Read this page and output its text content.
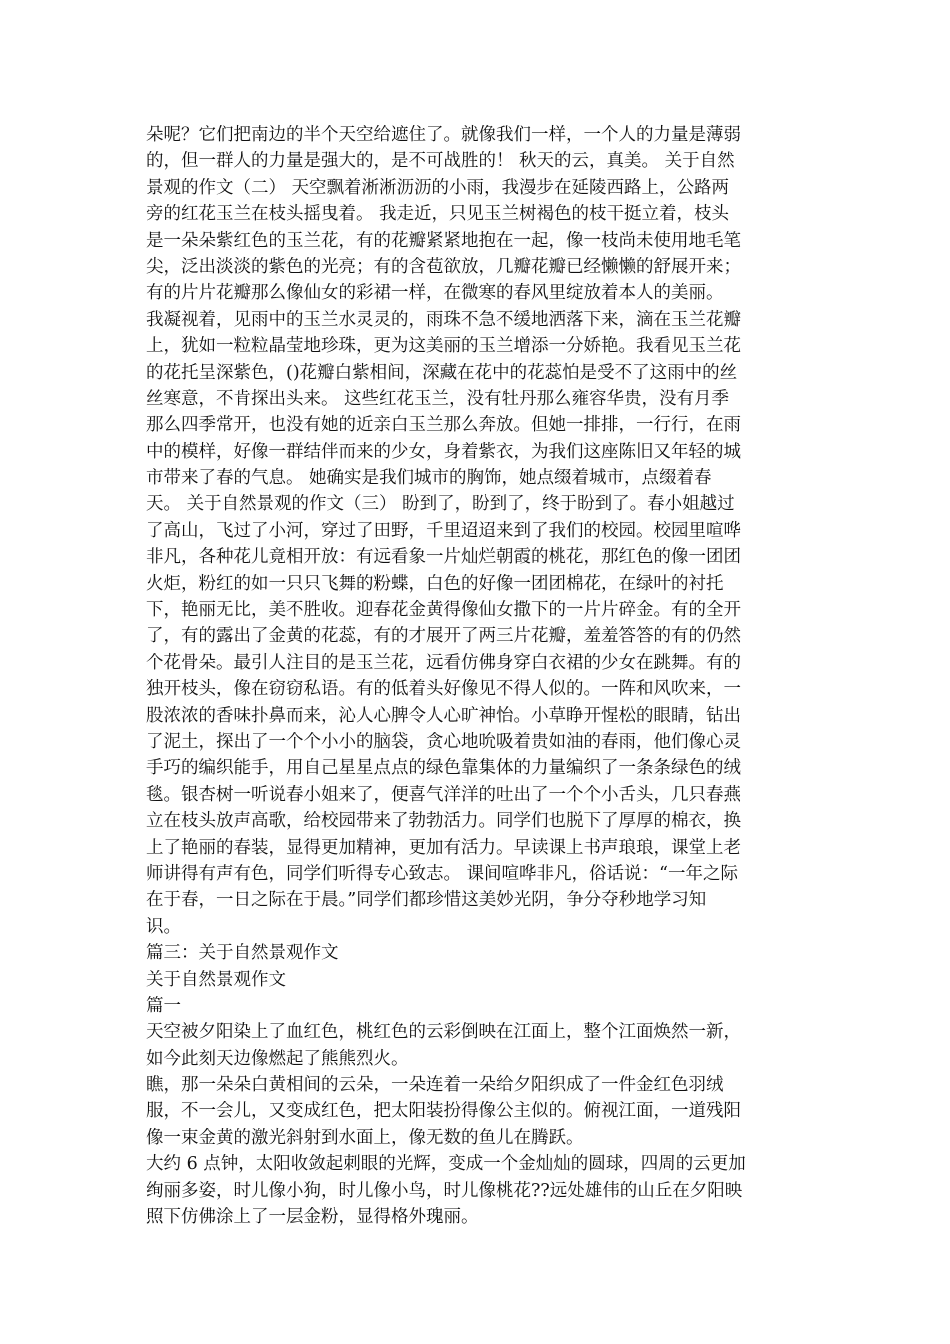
朵呢？它们把南边的半个天空给遮住了。就像我们一样，一个人的力量是薄弱
的，但一群人的力量是强大的，是不可战胜的！ 秋天的云，真美。 关于自然
景观的作文（二） 天空飘着淅淅沥沥的小雨，我漫步在延陵西路上，公路两
旁的红花玉兰在枝头摇曳着。 我走近，只见玉兰树褐色的枝干挺立着，枝头
是一朵朵紫红色的玉兰花，有的花瓣紧紧地抱在一起，像一枝尚未使用地毛笔
尖，泛出淡淡的紫色的光亮；有的含苞欲放，几瓣花瓣已经懒懒的舒展开来；
有的片片花瓣那么像仙女的彩裙一样，在微寒的春风里绽放着本人的美丽。
我凝视着，见雨中的玉兰水灵灵的，雨珠不急不缓地洒落下来，滴在玉兰花瓣
上，犹如一粒粒晶莹地珍珠，更为这美丽的玉兰增添一分娇艳。我看见玉兰花
的花托呈深紫色，()花瓣白紫相间，深藏在花中的花蕊怕是受不了这雨中的丝
丝寒意，不肯探出头来。 这些红花玉兰，没有牡丹那么雍容华贵，没有月季
那么四季常开，也没有她的近亲白玉兰那么奔放。但她一排排，一行行，在雨
中的模样，好像一群结伴而来的少女，身着紫衣，为我们这座陈旧又年轻的城
市带来了春的气息。 她确实是我们城市的胸饰，她点缀着城市，点缀着春
天。 关于自然景观的作文（三） 盼到了，盼到了，终于盼到了。春小姐越过
了高山，飞过了小河，穿过了田野，千里迢迢来到了我们的校园。校园里喧哗
非凡，各种花儿竟相开放：有远看象一片灿烂朝霞的桃花，那红色的像一团团
火炬，粉红的如一只只飞舞的粉蝶，白色的好像一团团棉花，在绿叶的衬托
下，艳丽无比，美不胜收。迎春花金黄得像仙女撒下的一片片碎金。有的全开
了，有的露出了金黄的花蕊，有的才展开了两三片花瓣，羞羞答答的有的仍然
个花骨朵。最引人注目的是玉兰花，远看仿佛身穿白衣裙的少女在跳舞。有的
独开枝头，像在窃窃私语。有的低着头好像见不得人似的。一阵和风吹来，一
股浓浓的香味扑鼻而来，沁人心脾令人心旷神怡。小草睁开惺松的眼睛，钻出
了泥土，探出了一个个小小的脑袋，贪心地吮吸着贵如油的春雨，他们像心灵
手巧的编织能手，用自己星星点点的绿色靠集体的力量编织了一条条绿色的绒
毯。银杏树一听说春小姐来了，便喜气洋洋的吐出了一个个小舌头，几只春燕
立在枝头放声高歌，给校园带来了勃勃活力。同学们也脱下了厚厚的棉衣，换
上了艳丽的春装，显得更加精神，更加有活力。早读课上书声琅琅，课堂上老
师讲得有声有色，同学们听得专心致志。 课间喧哗非凡，俗话说：“一年之际
在于春，一日之际在于晨。”同学们都珍惜这美妙光阴，争分夺秒地学习知
识。
篇三：关于自然景观作文
关于自然景观作文
篇一
天空被夕阳染上了血红色，桃红色的云彩倒映在江面上，整个江面焕然一新，
如今此刻天边像燃起了熊熊烈火。
瞧，那一朵朵白黄相间的云朵，一朵连着一朵给夕阳织成了一件金红色羽绒
服，不一会儿，又变成红色，把太阳装扮得像公主似的。俯视江面，一道残阳
像一束金黄的激光斜射到水面上，像无数的鱼儿在腾跃。
大约 6 点钟，太阳收敛起刺眼的光辉，变成一个金灿灿的圆球，四周的云更加
绚丽多姿，时儿像小狗，时儿像小鸟，时儿像桃花??远处雄伟的山丘在夕阳映
照下仿佛涂上了一层金粉，显得格外瑰丽。
